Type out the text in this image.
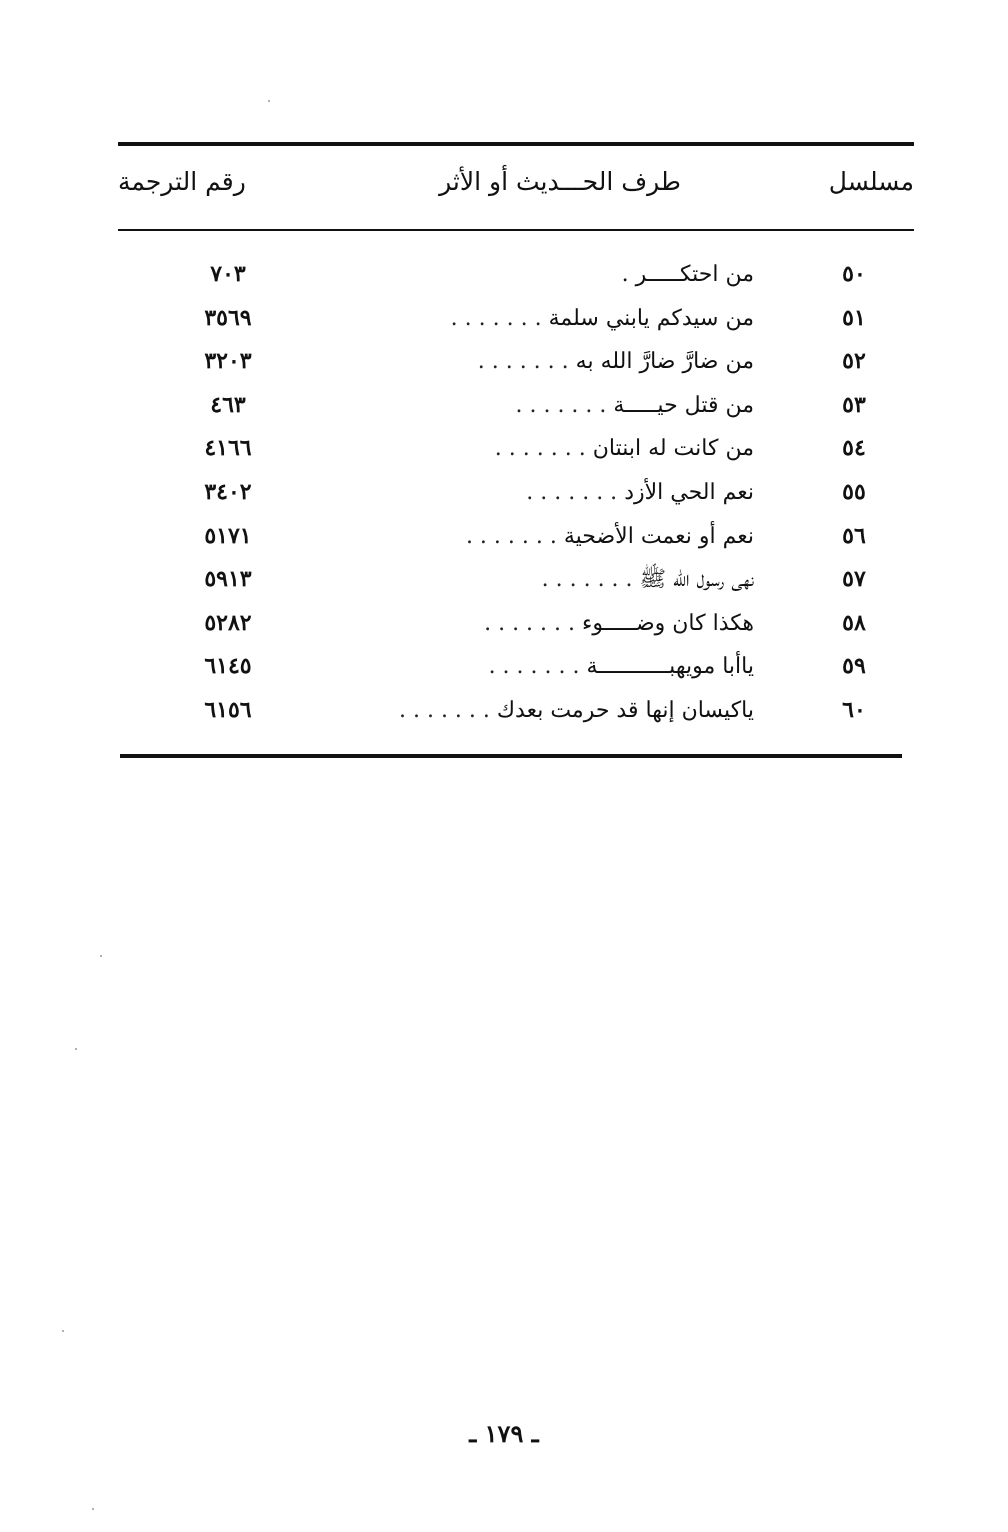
مسلسل
طرف الحـــديث أو الأثر
رقم الترجمة
٥٠
من احتكـــــر .
٧٠٣
٥١
من سيدكم يابني سلمة . . . . . . .
٣٥٦٩
٥٢
من ضارَّ ضارَّ الله به . . . . . . .
٣٢٠٣
٥٣
من قتل حيـــــة . . . . . . .
٤٦٣
٥٤
من كانت له ابنتان . . . . . . .
٤١٦٦
٥٥
نعم الحي الأزد . . . . . . .
٣٤٠٢
٥٦
نعم أو نعمت الأضحية . . . . . . .
٥١٧١
٥٧
نهى رسول الله ﷺ . . . . . . .
٥٩١٣
٥٨
هكذا كان وضـــــوء . . . . . . .
٥٢٨٢
٥٩
ياأبا مويهبـــــــــــة . . . . . . .
٦١٤٥
٦٠
ياكيسان إنها قد حرمت بعدك . . . . . . .
٦١٥٦
ـ ١٧٩ ـ
